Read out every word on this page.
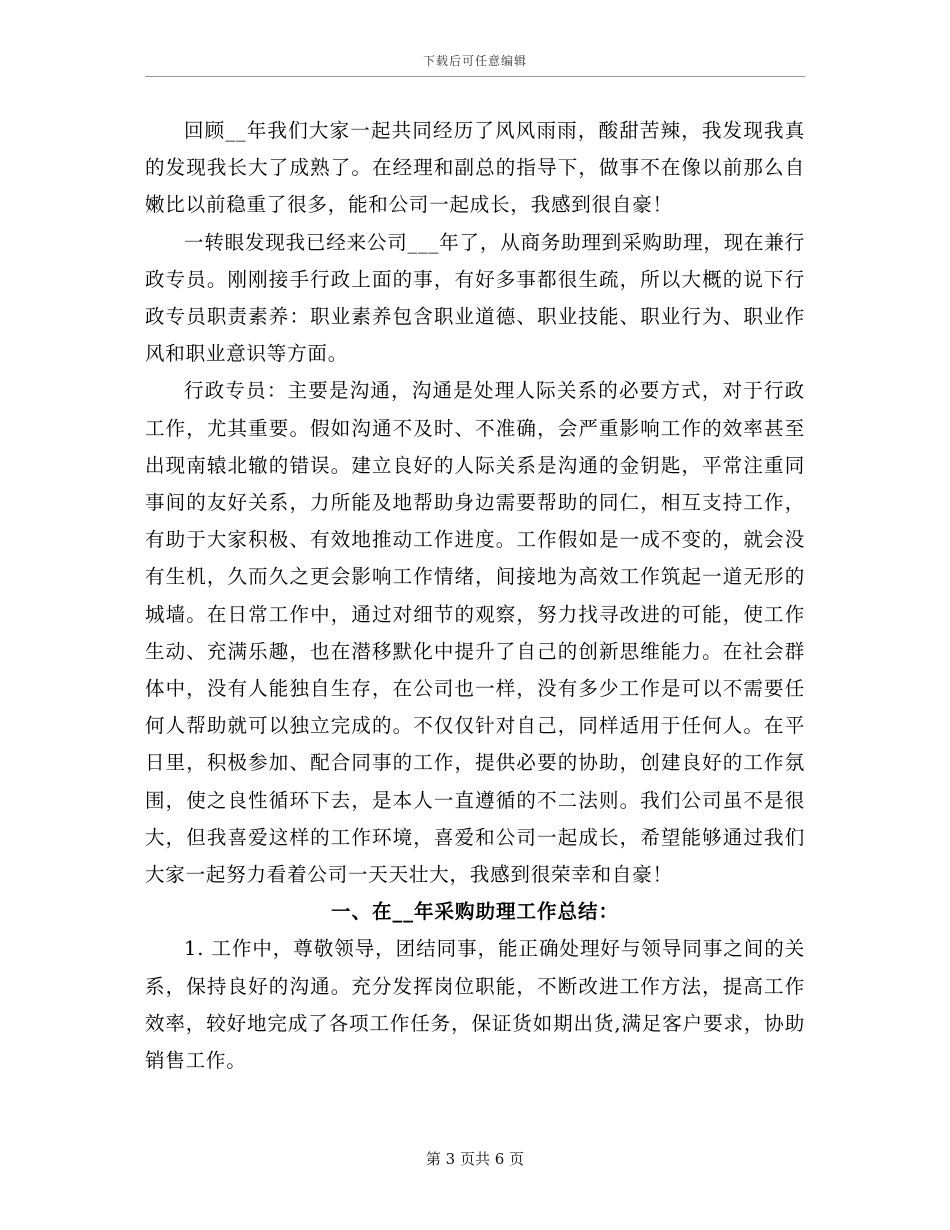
下载后可任意编辑

回顾__年我们大家一起共同经历了风风雨雨，酸甜苦辣，我发现我真的发现我长大了成熟了。在经理和副总的指导下，做事不在像以前那么自嫩比以前稳重了很多，能和公司一起成长，我感到很自豪！

一转眼发现我已经来公司___年了，从商务助理到采购助理，现在兼行政专员。刚刚接手行政上面的事，有好多事都很生疏，所以大概的说下行政专员职责素养：职业素养包含职业道德、职业技能、职业行为、职业作风和职业意识等方面。

行政专员：主要是沟通，沟通是处理人际关系的必要方式，对于行政工作，尤其重要。假如沟通不及时、不准确，会严重影响工作的效率甚至出现南辕北辙的错误。建立良好的人际关系是沟通的金钥匙，平常注重同事间的友好关系，力所能及地帮助身边需要帮助的同仁，相互支持工作，有助于大家积极、有效地推动工作进度。工作假如是一成不变的，就会没有生机，久而久之更会影响工作情绪，间接地为高效工作筑起一道无形的城墙。在日常工作中，通过对细节的观察，努力找寻改进的可能，使工作生动、充满乐趣，也在潜移默化中提升了自己的创新思维能力。在社会群体中，没有人能独自生存，在公司也一样，没有多少工作是可以不需要任何人帮助就可以独立完成的。不仅仅针对自己，同样适用于任何人。在平日里，积极参加、配合同事的工作，提供必要的协助，创建良好的工作氛围，使之良性循环下去，是本人一直遵循的不二法则。我们公司虽不是很大，但我喜爱这样的工作环境，喜爱和公司一起成长，希望能够通过我们大家一起努力看着公司一天天壮大，我感到很荣幸和自豪！

一、在__年采购助理工作总结：

1. 工作中，尊敬领导，团结同事，能正确处理好与领导同事之间的关系，保持良好的沟通。充分发挥岗位职能，不断改进工作方法，提高工作效率，较好地完成了各项工作任务，保证货如期出货,满足客户要求，协助销售工作。

第 3 页共 6 页
